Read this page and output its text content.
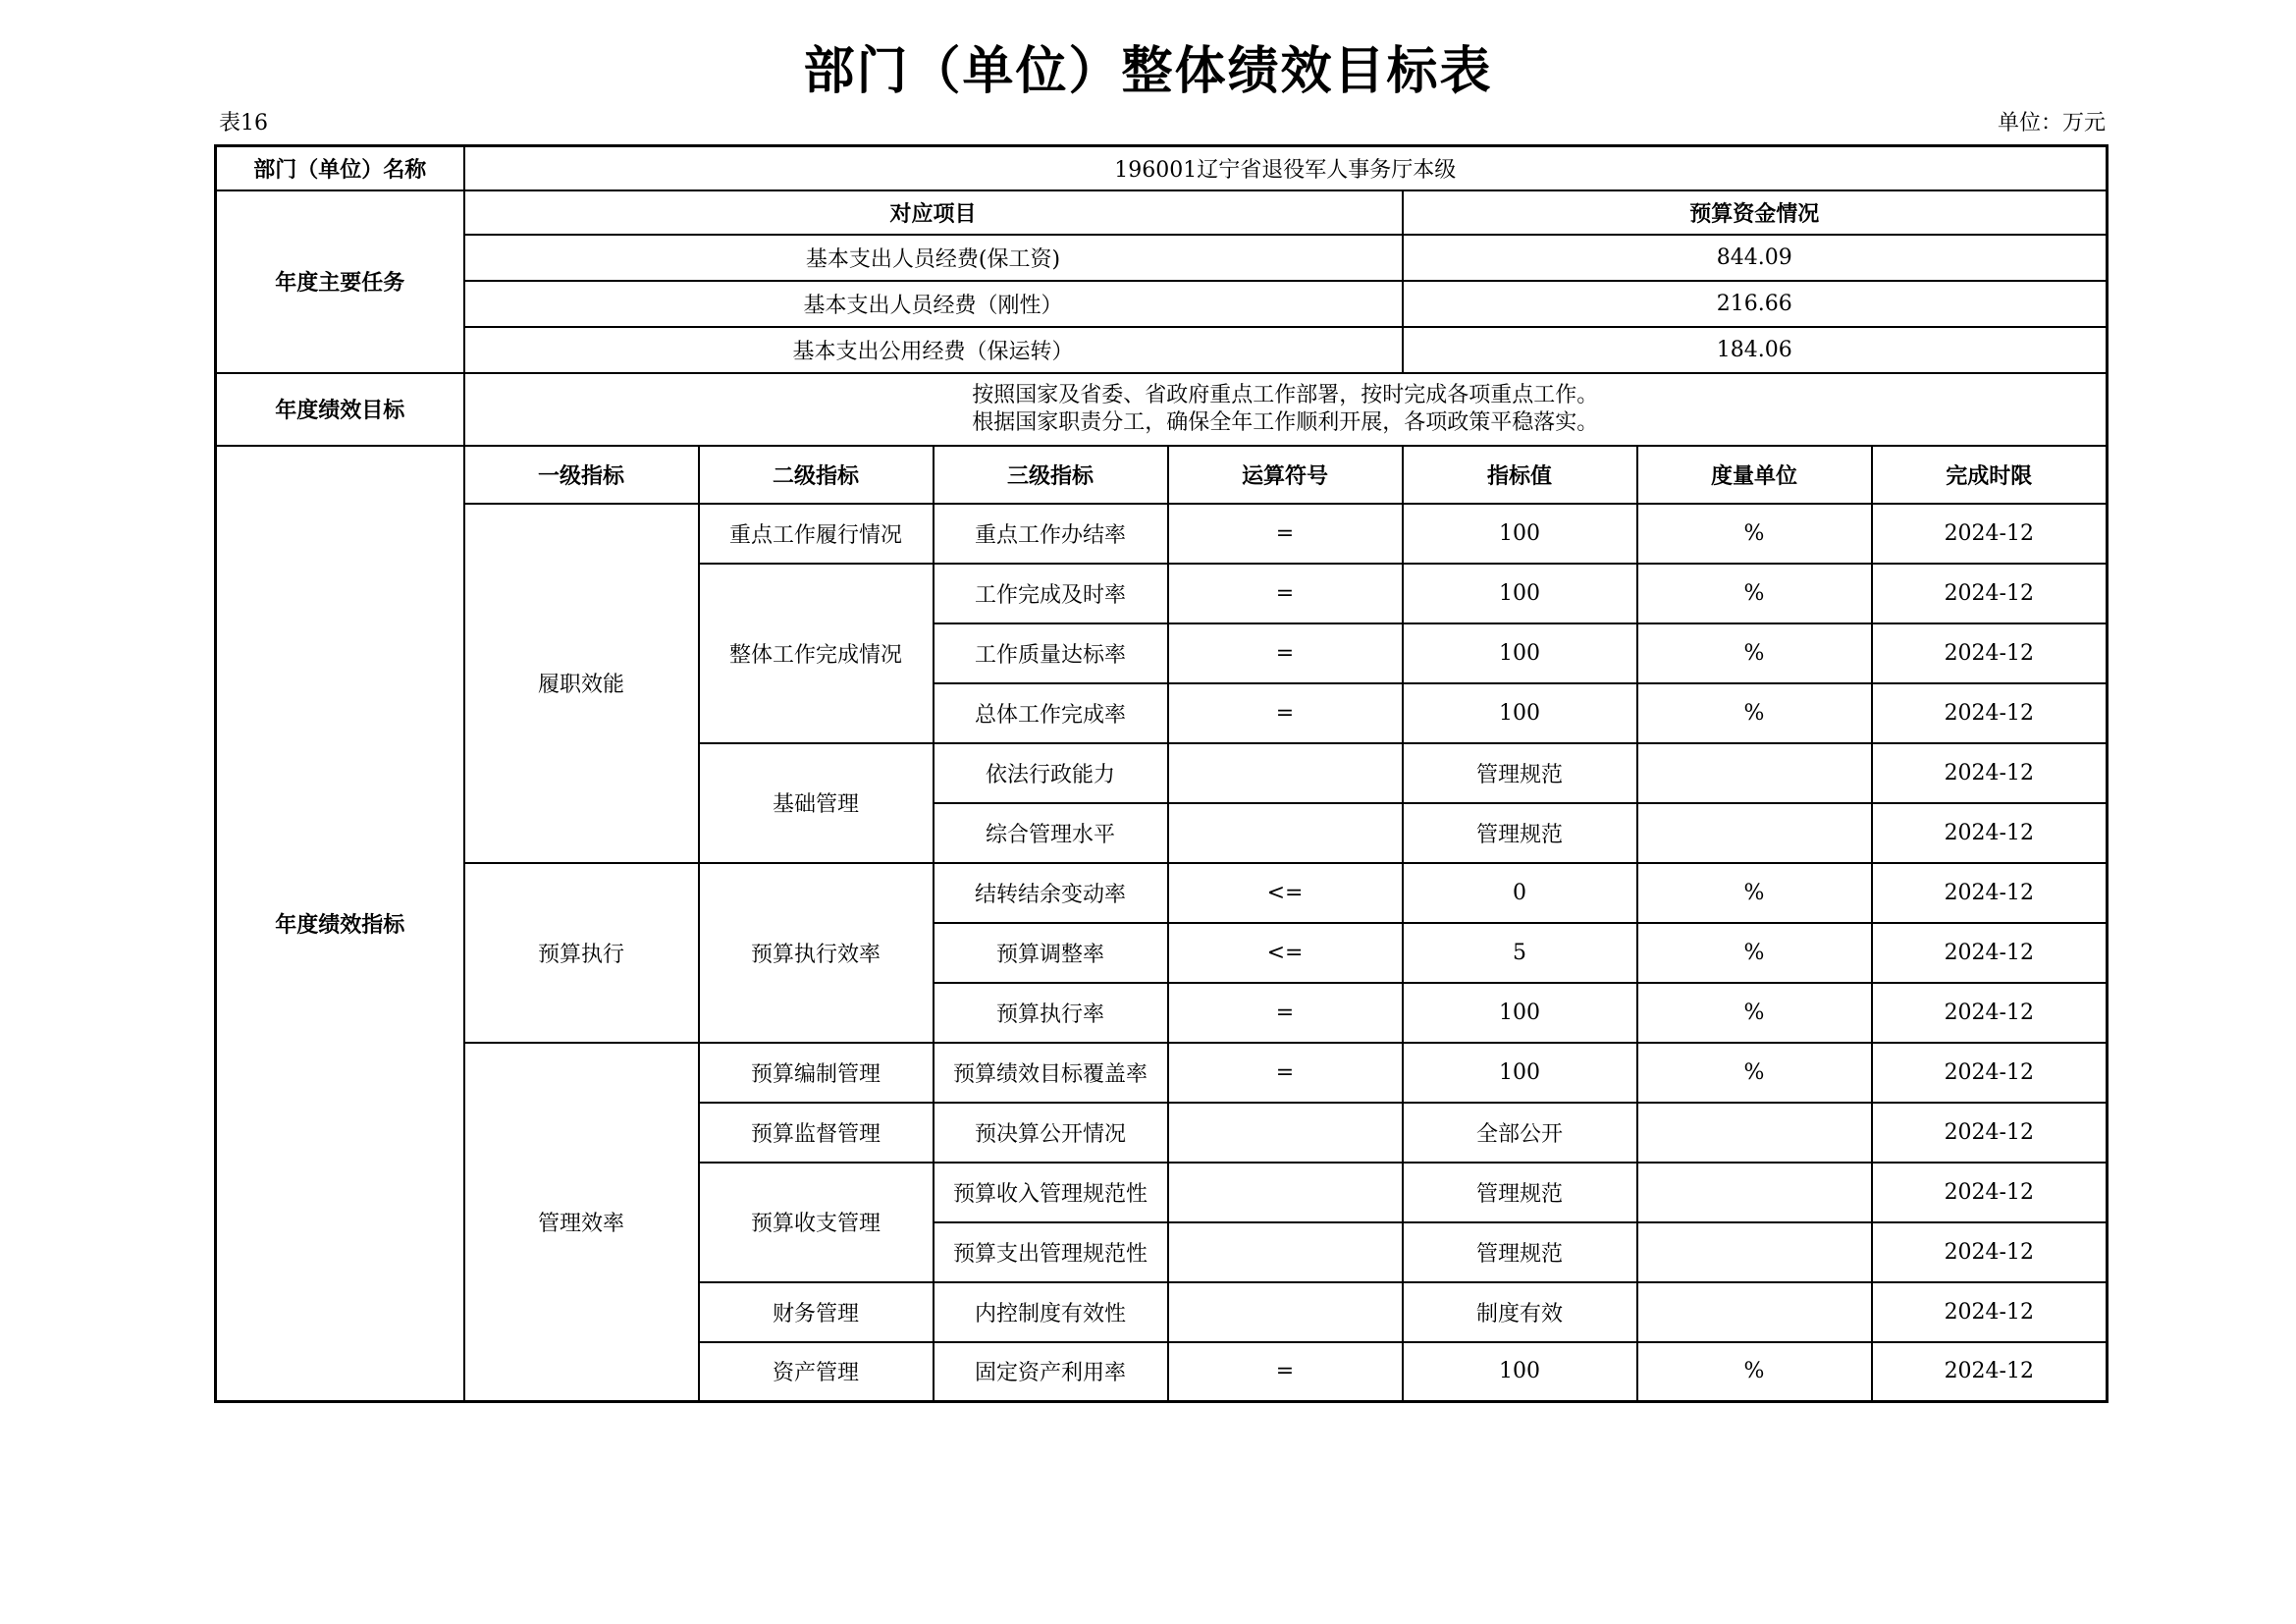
部门（单位）整体绩效目标表
表16	单位：万元
部门（单位）名称	196001辽宁省退役军人事务厅本级						
年度主要任务	对应项目				预算资金情况		
	基本支出人员经费(保工资)				844.09		
	基本支出人员经费（刚性）				216.66		
	基本支出公用经费（保运转）				184.06		
年度绩效目标	按照国家及省委、省政府重点工作部署，按时完成各项重点工作。
根据国家职责分工，确保全年工作顺利开展，各项政策平稳落实。						

年度绩效指标	一级指标	二级指标	三级指标	运算符号	指标值	度量单位	完成时限
	履职效能	重点工作履行情况	重点工作办结率	=	100	%	2024-12
		整体工作完成情况	工作完成及时率	=	100	%	2024-12
			工作质量达标率	=	100	%	2024-12
			总体工作完成率	=	100	%	2024-12
		基础管理	依法行政能力		管理规范		2024-12
			综合管理水平		管理规范		2024-12
	预算执行	预算执行效率	结转结余变动率	<=	0	%	2024-12
			预算调整率	<=	5	%	2024-12
			预算执行率	=	100	%	2024-12
	管理效率	预算编制管理	预算绩效目标覆盖率	=	100	%	2024-12
		预算监督管理	预决算公开情况		全部公开		2024-12
		预算收支管理	预算收入管理规范性		管理规范		2024-12
			预算支出管理规范性		管理规范		2024-12
		财务管理	内控制度有效性		制度有效		2024-12
		资产管理	固定资产利用率	=	100	%	2024-12
